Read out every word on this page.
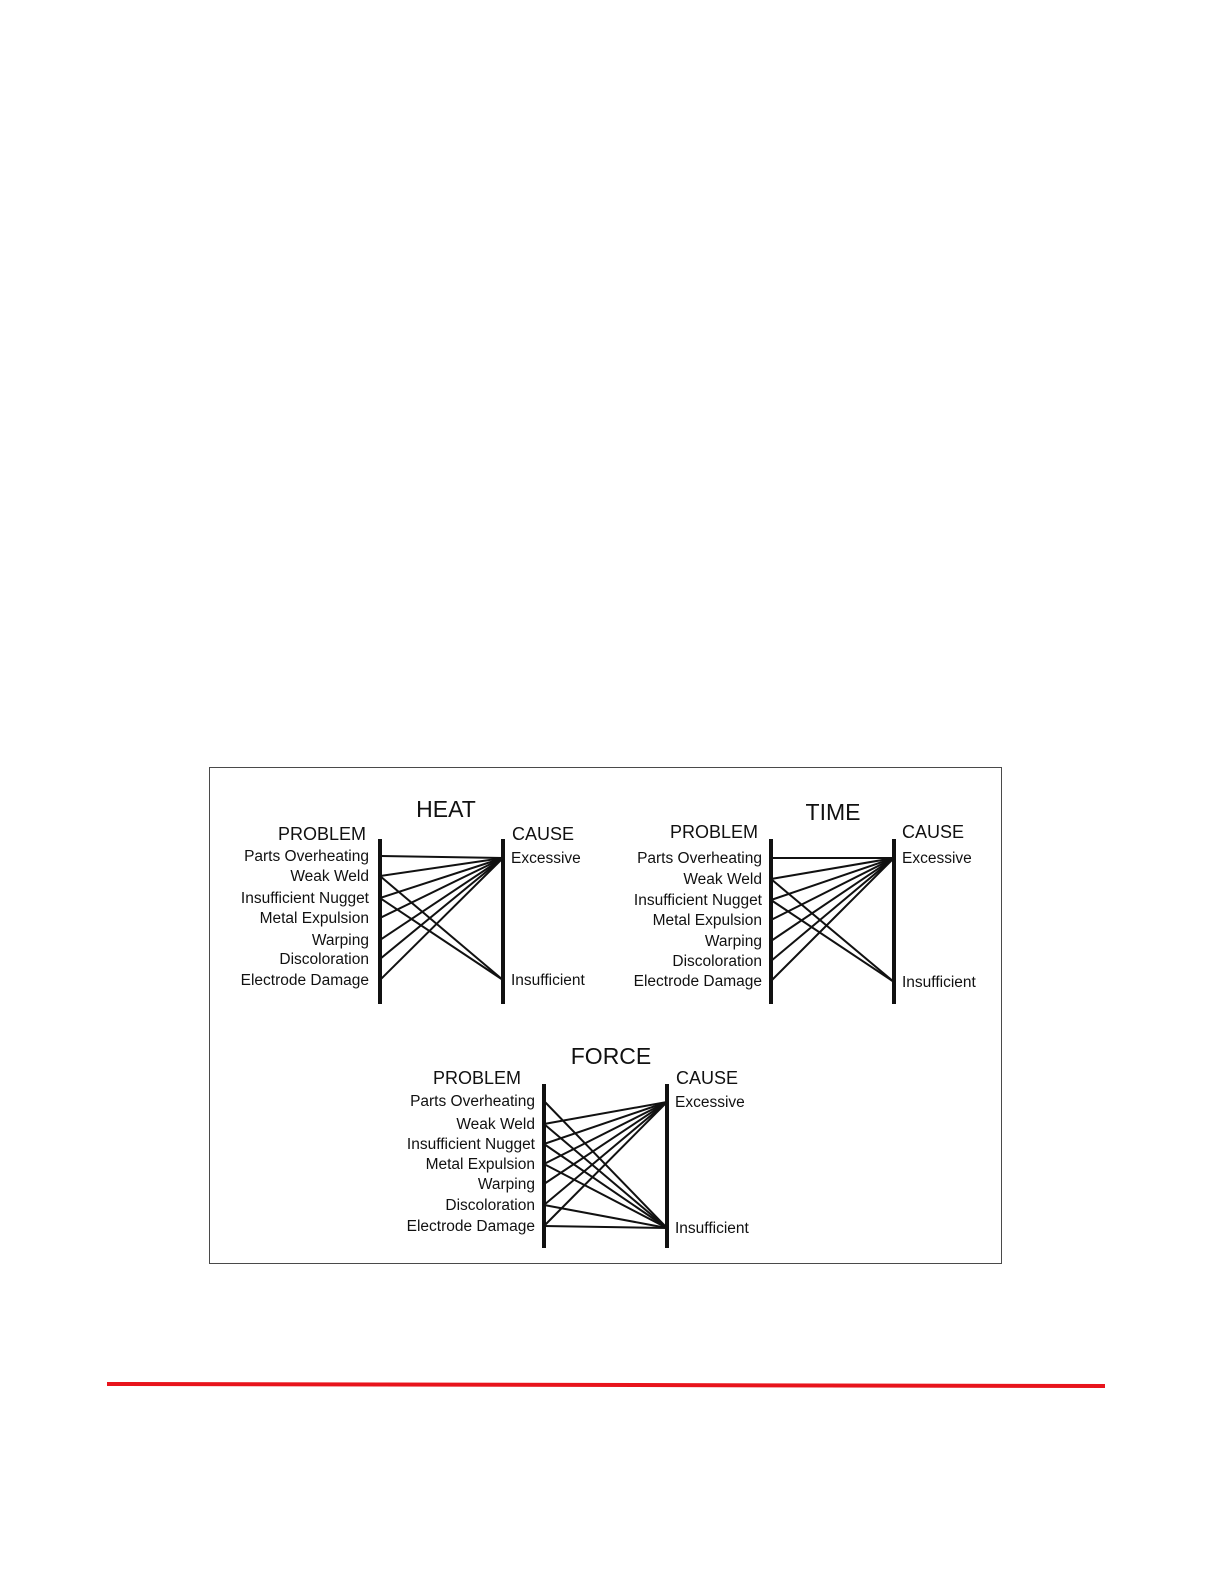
HEAT
PROBLEM	CAUSE
Parts Overheating
Weak Weld
Insufficient Nugget
Metal Expulsion
Warping
Discoloration
Electrode Damage
Excessive
Insufficient
TIME
PROBLEM	CAUSE
Parts Overheating
Weak Weld
Insufficient Nugget
Metal Expulsion
Warping
Discoloration
Electrode Damage
Excessive
Insufficient
FORCE
PROBLEM	CAUSE
Parts Overheating
Weak Weld
Insufficient Nugget
Metal Expulsion
Warping
Discoloration
Electrode Damage
Excessive
Insufficient
